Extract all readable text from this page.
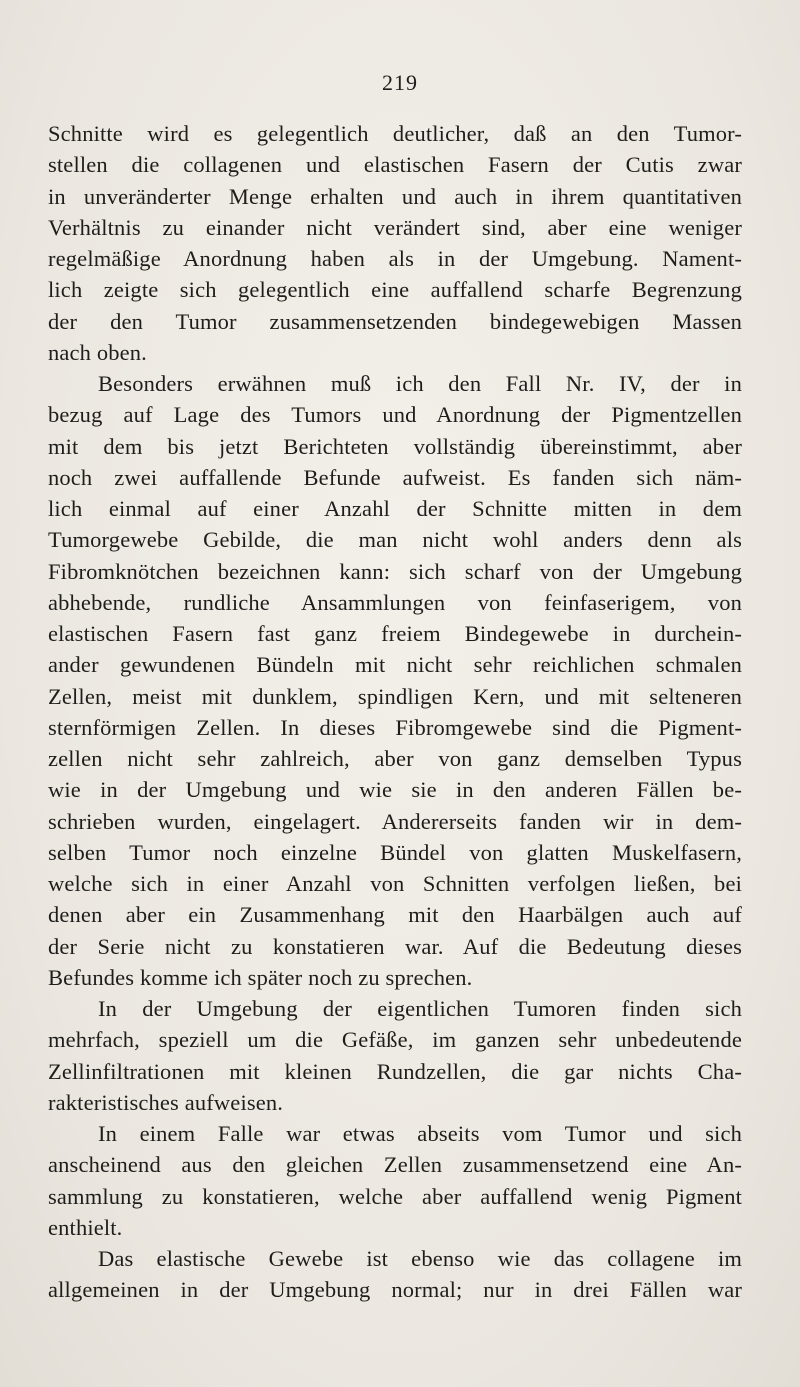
219
Schnitte wird es gelegentlich deutlicher, daß an den Tumor-
stellen die collagenen und elastischen Fasern der Cutis zwar
in unveränderter Menge erhalten und auch in ihrem quantitativen
Verhältnis zu einander nicht verändert sind, aber eine weniger
regelmäßige Anordnung haben als in der Umgebung. Nament-
lich zeigte sich gelegentlich eine auffallend scharfe Begrenzung
der den Tumor zusammensetzenden bindegewebigen Massen
nach oben.
Besonders erwähnen muß ich den Fall Nr. IV, der in
bezug auf Lage des Tumors und Anordnung der Pigmentzellen
mit dem bis jetzt Berichteten vollständig übereinstimmt, aber
noch zwei auffallende Befunde aufweist. Es fanden sich näm-
lich einmal auf einer Anzahl der Schnitte mitten in dem
Tumorgewebe Gebilde, die man nicht wohl anders denn als
Fibromknötchen bezeichnen kann: sich scharf von der Umgebung
abhebende, rundliche Ansammlungen von feinfaserigem, von
elastischen Fasern fast ganz freiem Bindegewebe in durchein-
ander gewundenen Bündeln mit nicht sehr reichlichen schmalen
Zellen, meist mit dunklem, spindligen Kern, und mit selteneren
sternförmigen Zellen. In dieses Fibromgewebe sind die Pigment-
zellen nicht sehr zahlreich, aber von ganz demselben Typus
wie in der Umgebung und wie sie in den anderen Fällen be-
schrieben wurden, eingelagert. Andererseits fanden wir in dem-
selben Tumor noch einzelne Bündel von glatten Muskelfasern,
welche sich in einer Anzahl von Schnitten verfolgen ließen, bei
denen aber ein Zusammenhang mit den Haarbälgen auch auf
der Serie nicht zu konstatieren war. Auf die Bedeutung dieses
Befundes komme ich später noch zu sprechen.
In der Umgebung der eigentlichen Tumoren finden sich
mehrfach, speziell um die Gefäße, im ganzen sehr unbedeutende
Zellinfiltrationen mit kleinen Rundzellen, die gar nichts Cha-
rakteristisches aufweisen.
In einem Falle war etwas abseits vom Tumor und sich
anscheinend aus den gleichen Zellen zusammensetzend eine An-
sammlung zu konstatieren, welche aber auffallend wenig Pigment
enthielt.
Das elastische Gewebe ist ebenso wie das collagene im
allgemeinen in der Umgebung normal; nur in drei Fällen war
